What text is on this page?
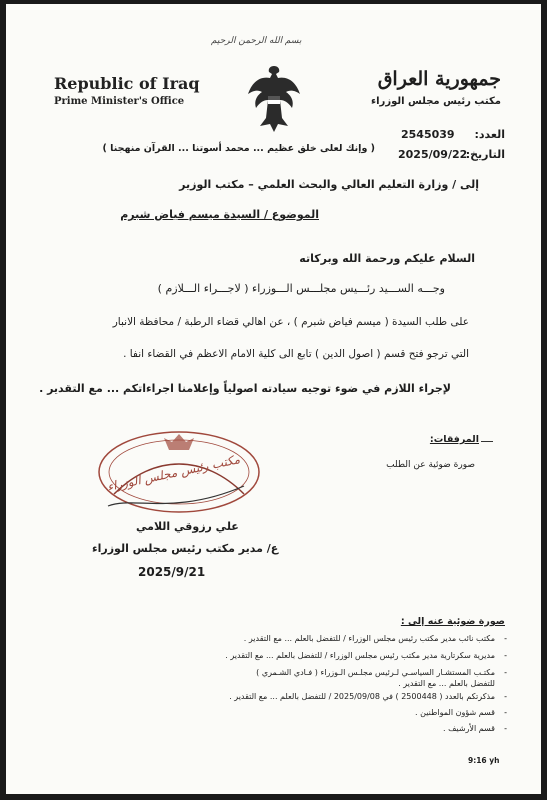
بسم الله الرحمن الرحيم
Republic of Iraq
Prime Minister's Office
جمهورية العراق
مكتب رئيس مجلس الوزراء
العدد:
2545039
التاريخ:
2025/09/22
( وإنك لعلى خلق عظيم ... محمد أسوتنا ... القرآن منهجنا )
إلى / وزارة التعليم العالي والبحث العلمي – مكتب الوزير
الموضوع / السيدة ميسم فياض شبرم
السلام عليكم ورحمة الله وبركاته
وجـــه الســـيد رئـــيس مجلـــس الـــوزراء ( لاجـــراء الـــلازم )
على طلب السيدة ( ميسم فياض شبرم ) ، عن اهالي قضاء الرطبة / محافظة الانبار
التي ترجو فتح قسم ( اصول الدين ) تابع الى كلية الامام الاعظم في القضاء انفا .
لإجراء اللازم في ضوء توجيه سيادته اصولياً وإعلامنا اجراءاتكم ... مع التقدير .
المرفقات:
صورة ضوئية عن الطلب
مكتب رئيس مجلس الوزراء
علي رزوقي اللامي
ع/ مدير مكتب رئيس مجلس الوزراء
2025/9/21
صورة ضوئية عنه إلى :
مكتب نائب مدير مكتب رئيس مجلس الوزراء / للتفضل بالعلم ... مع التقدير . -
مديرية سكرتارية مدير مكتب رئيس مجلس الوزراء / للتفضل بالعلم ... مع التقدير . -
مكتـب المستشـار السياسـي لـرئيس مجلـس الـوزراء ( فـادي الشـمري )
للتفضل بالعلم ... مع التقدير .
-
مذكرتكم بالعدد ( 2500448 ) في 2025/09/08 / للتفضل بالعلم ... مع التقدير . -
قسم شؤون المواطنين . -
قسم الأرشيف . -
9:16 yh
